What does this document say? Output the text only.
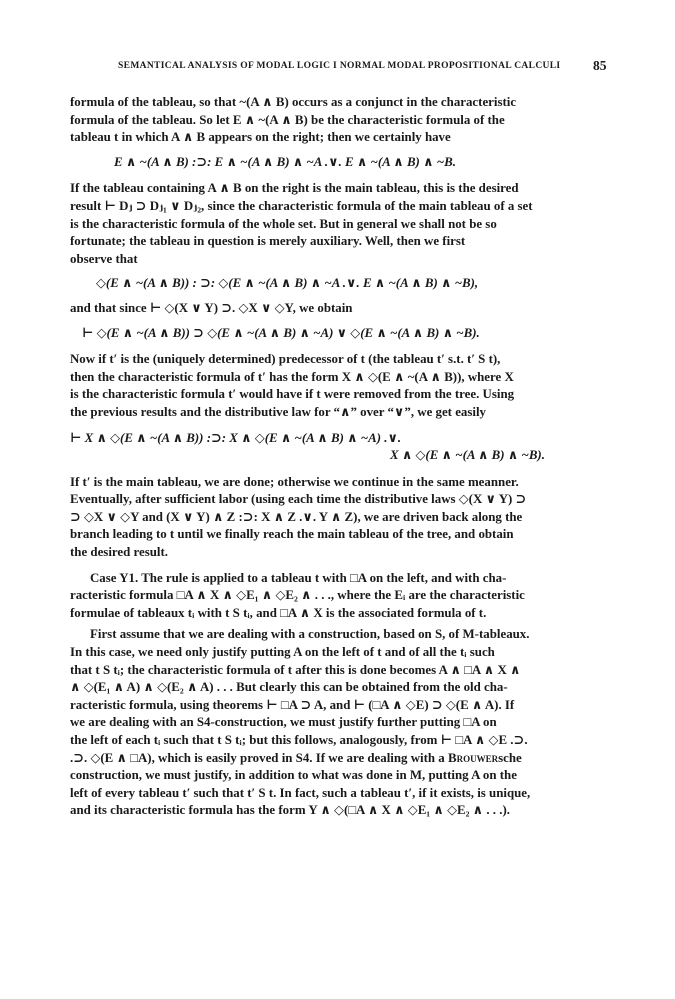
SEMANTICAL ANALYSIS OF MODAL LOGIC I NORMAL MODAL PROPOSITIONAL CALCULI 85

formula of the tableau, so that ~(A ∧ B) occurs as a conjunct in the characteristic
formula of the tableau. So let E ∧ ~(A ∧ B) be the characteristic formula of the
tableau t in which A ∧ B appears on the right; then we certainly have

E ∧ ~(A ∧ B) :⊃: E ∧ ~(A ∧ B) ∧ ~A .∨. E ∧ ~(A ∧ B) ∧ ~B.

If the tableau containing A ∧ B on the right is the main tableau, this is the desired
result ⊢ Dⱼ ⊃ Dⱼ₁ ∨ Dⱼ₂, since the characteristic formula of the main tableau of a set
is the characteristic formula of the whole set. But in general we shall not be so
fortunate; the tableau in question is merely auxiliary. Well, then we first
observe that

◇(E ∧ ~(A ∧ B)) : ⊃: ◇(E ∧ ~(A ∧ B) ∧ ~A .∨. E ∧ ~(A ∧ B) ∧ ~B),

and that since ⊢ ◇(X ∨ Y) ⊃. ◇X ∨ ◇Y, we obtain

⊢ ◇(E ∧ ~(A ∧ B)) ⊃ ◇(E ∧ ~(A ∧ B) ∧ ~A) ∨ ◇(E ∧ ~(A ∧ B) ∧ ~B).

Now if t′ is the (uniquely determined) predecessor of t (the tableau t′ s.t. t′ S t),
then the characteristic formula of t′ has the form X ∧ ◇(E ∧ ~(A ∧ B)), where X
is the characteristic formula t′ would have if t were removed from the tree. Using
the previous results and the distributive law for “∧” over “∨”, we get easily

⊢ X ∧ ◇(E ∧ ~(A ∧ B)) :⊃: X ∧ ◇(E ∧ ~(A ∧ B) ∧ ~A) .∨.
X ∧ ◇(E ∧ ~(A ∧ B) ∧ ~B).

If t′ is the main tableau, we are done; otherwise we continue in the same meanner.
Eventually, after sufficient labor (using each time the distributive laws ◇(X ∨ Y) ⊃
⊃ ◇X ∨ ◇Y and (X ∨ Y) ∧ Z :⊃: X ∧ Z .∨. Y ∧ Z), we are driven back along the
branch leading to t until we finally reach the main tableau of the tree, and obtain
the desired result.

Case Y1. The rule is applied to a tableau t with □A on the left, and with cha-
racteristic formula □A ∧ X ∧ ◇E₁ ∧ ◇E₂ ∧ . . ., where the Eᵢ are the characteristic
formulae of tableaux tᵢ with t S tᵢ, and □A ∧ X is the associated formula of t.

First assume that we are dealing with a construction, based on S, of M-tableaux.
In this case, we need only justify putting A on the left of t and of all the tᵢ such
that t S tᵢ; the characteristic formula of t after this is done becomes A ∧ □A ∧ X ∧
∧ ◇(E₁ ∧ A) ∧ ◇(E₂ ∧ A) . . . But clearly this can be obtained from the old cha-
racteristic formula, using theorems ⊢ □A ⊃ A, and ⊢ (□A ∧ ◇E) ⊃ ◇(E ∧ A). If
we are dealing with an S4-construction, we must justify further putting □A on
the left of each tᵢ such that t S tᵢ; but this follows, analogously, from ⊢ □A ∧ ◇E .⊃.
.⊃. ◇(E ∧ □A), which is easily proved in S4. If we are dealing with a Brouwersche
construction, we must justify, in addition to what was done in M, putting A on the
left of every tableau t′ such that t′ S t. In fact, such a tableau t′, if it exists, is unique,
and its characteristic formula has the form Y ∧ ◇(□A ∧ X ∧ ◇E₁ ∧ ◇E₂ ∧ . . .).
